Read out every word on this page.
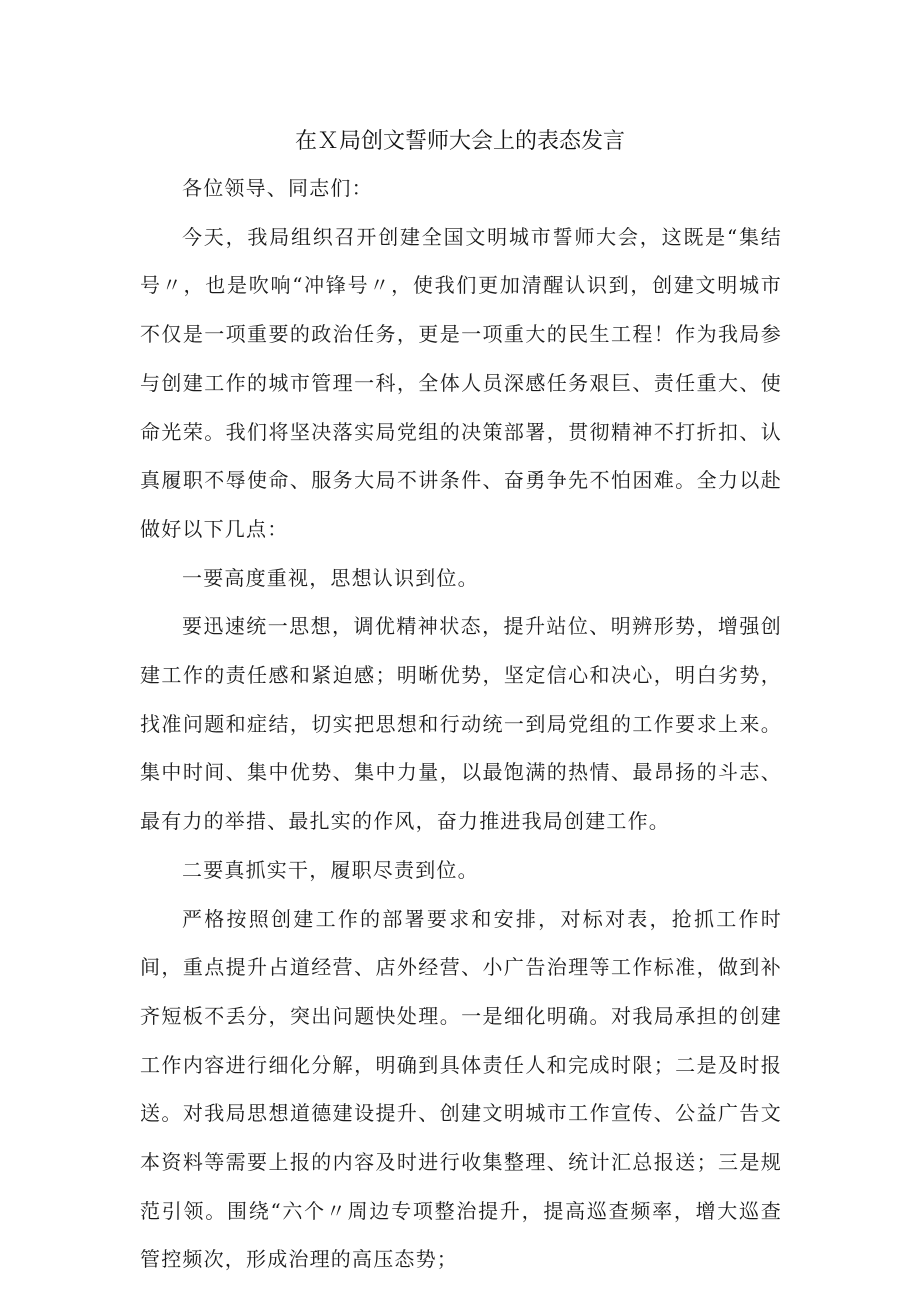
在Ｘ局创文誓师大会上的表态发言

各位领导、同志们：

今天，我局组织召开创建全国文明城市誓师大会，这既是“集结号〃，也是吹响“冲锋号〃，使我们更加清醒认识到，创建文明城市不仅是一项重要的政治任务，更是一项重大的民生工程！作为我局参与创建工作的城市管理一科，全体人员深感任务艰巨、责任重大、使命光荣。我们将坚决落实局党组的决策部署，贯彻精神不打折扣、认真履职不辱使命、服务大局不讲条件、奋勇争先不怕困难。全力以赴做好以下几点：

一要高度重视，思想认识到位。

要迅速统一思想，调优精神状态，提升站位、明辨形势，增强创建工作的责任感和紧迫感；明晰优势，坚定信心和决心，明白劣势，找准问题和症结，切实把思想和行动统一到局党组的工作要求上来。集中时间、集中优势、集中力量，以最饱满的热情、最昂扬的斗志、最有力的举措、最扎实的作风，奋力推进我局创建工作。

二要真抓实干，履职尽责到位。

严格按照创建工作的部署要求和安排，对标对表，抢抓工作时间，重点提升占道经营、店外经营、小广告治理等工作标准，做到补齐短板不丢分，突出问题快处理。一是细化明确。对我局承担的创建工作内容进行细化分解，明确到具体责任人和完成时限；二是及时报送。对我局思想道德建设提升、创建文明城市工作宣传、公益广告文本资料等需要上报的内容及时进行收集整理、统计汇总报送；三是规范引领。围绕“六个〃周边专项整治提升，提高巡查频率，增大巡查管控频次，形成治理的高压态势；
